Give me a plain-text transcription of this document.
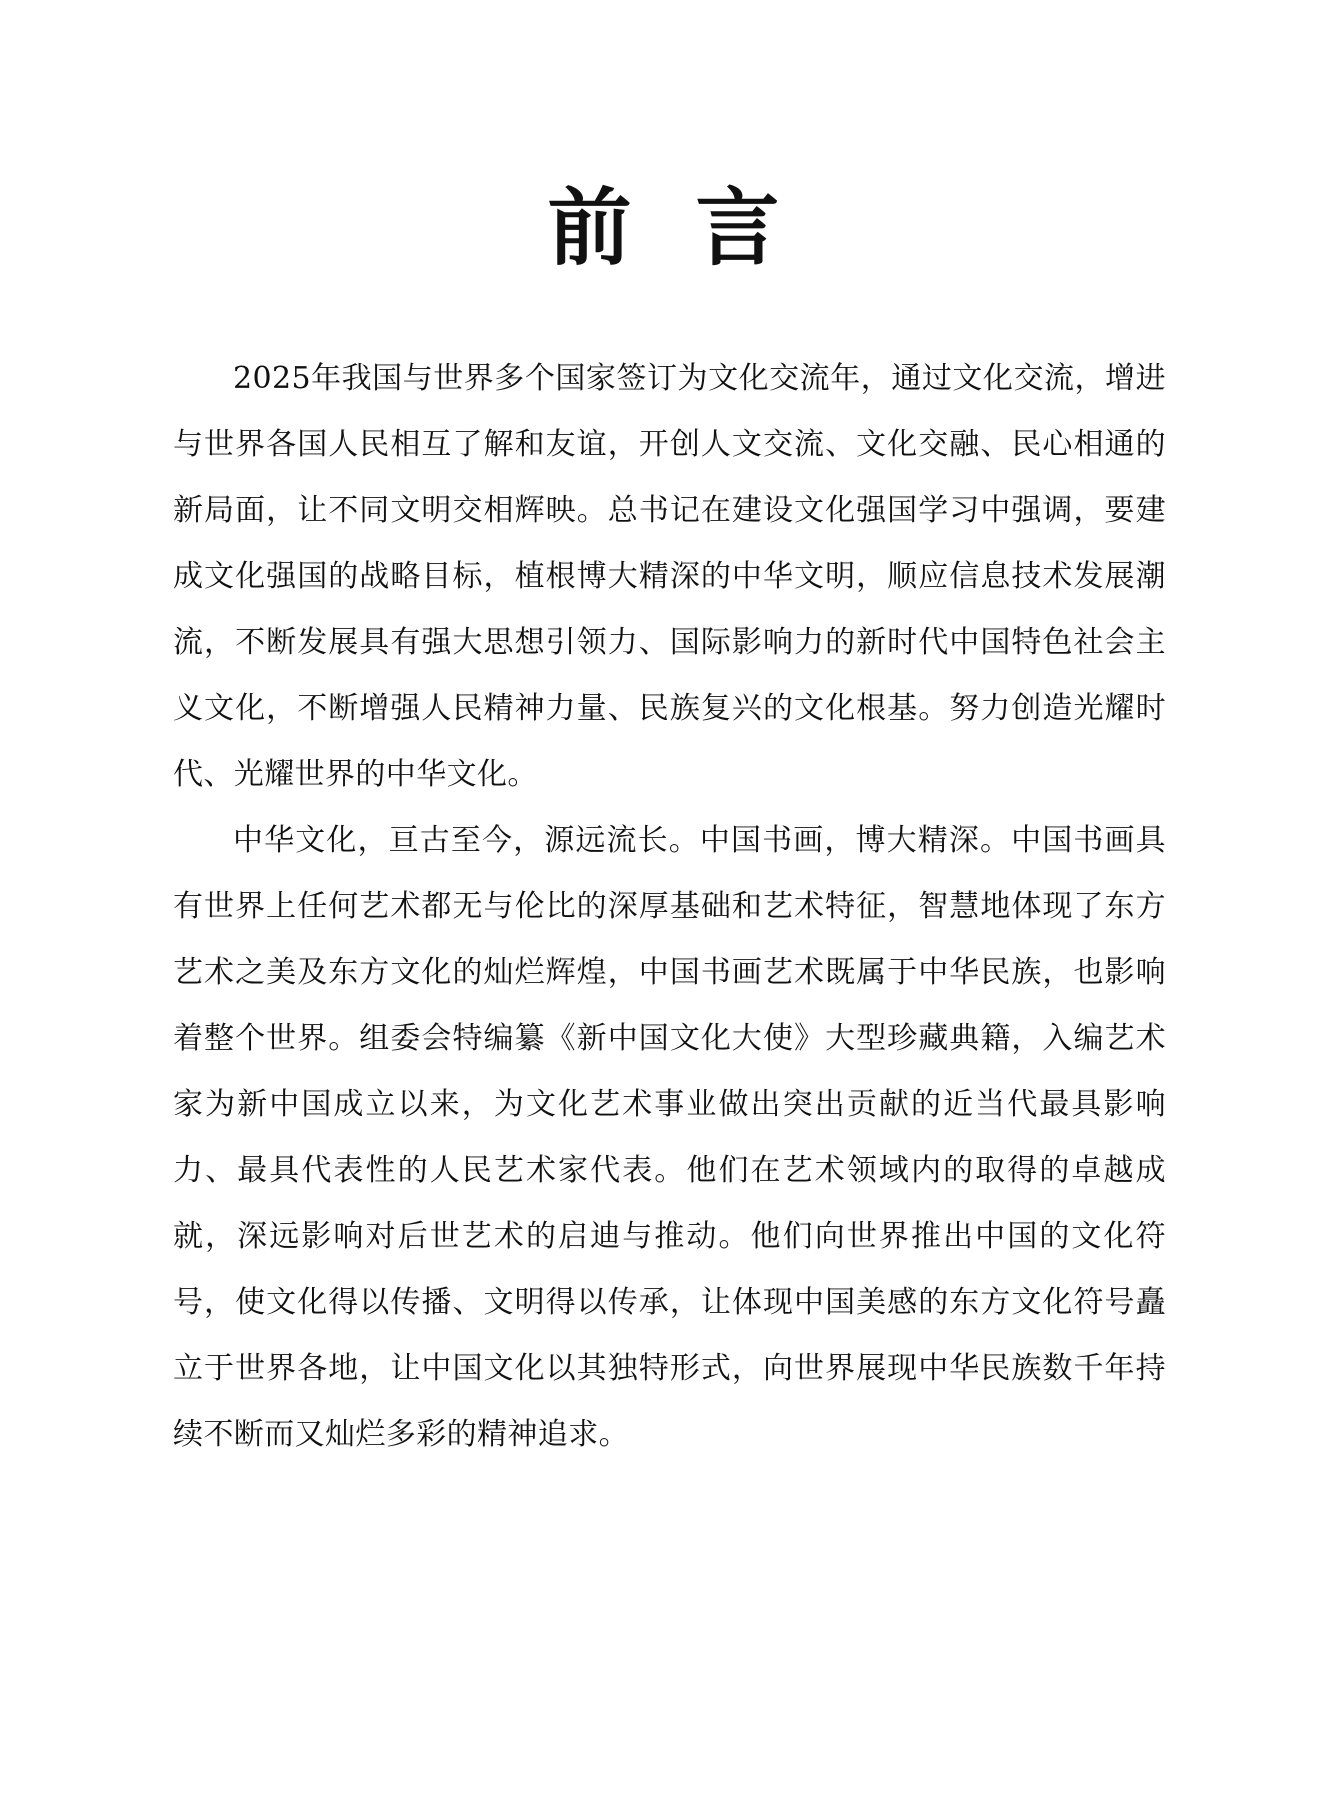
前言

2025年我国与世界多个国家签订为文化交流年，通过文化交流，增进与世界各国人民相互了解和友谊，开创人文交流、文化交融、民心相通的新局面，让不同文明交相辉映。总书记在建设文化强国学习中强调，要建成文化强国的战略目标，植根博大精深的中华文明，顺应信息技术发展潮流，不断发展具有强大思想引领力、国际影响力的新时代中国特色社会主义文化，不断增强人民精神力量、民族复兴的文化根基。努力创造光耀时代、光耀世界的中华文化。

中华文化，亘古至今，源远流长。中国书画，博大精深。中国书画具有世界上任何艺术都无与伦比的深厚基础和艺术特征，智慧地体现了东方艺术之美及东方文化的灿烂辉煌，中国书画艺术既属于中华民族，也影响着整个世界。组委会特编纂《新中国文化大使》大型珍藏典籍，入编艺术家为新中国成立以来，为文化艺术事业做出突出贡献的近当代最具影响力、最具代表性的人民艺术家代表。他们在艺术领域内的取得的卓越成就，深远影响对后世艺术的启迪与推动。他们向世界推出中国的文化符号，使文化得以传播、文明得以传承，让体现中国美感的东方文化符号矗立于世界各地，让中国文化以其独特形式，向世界展现中华民族数千年持续不断而又灿烂多彩的精神追求。
